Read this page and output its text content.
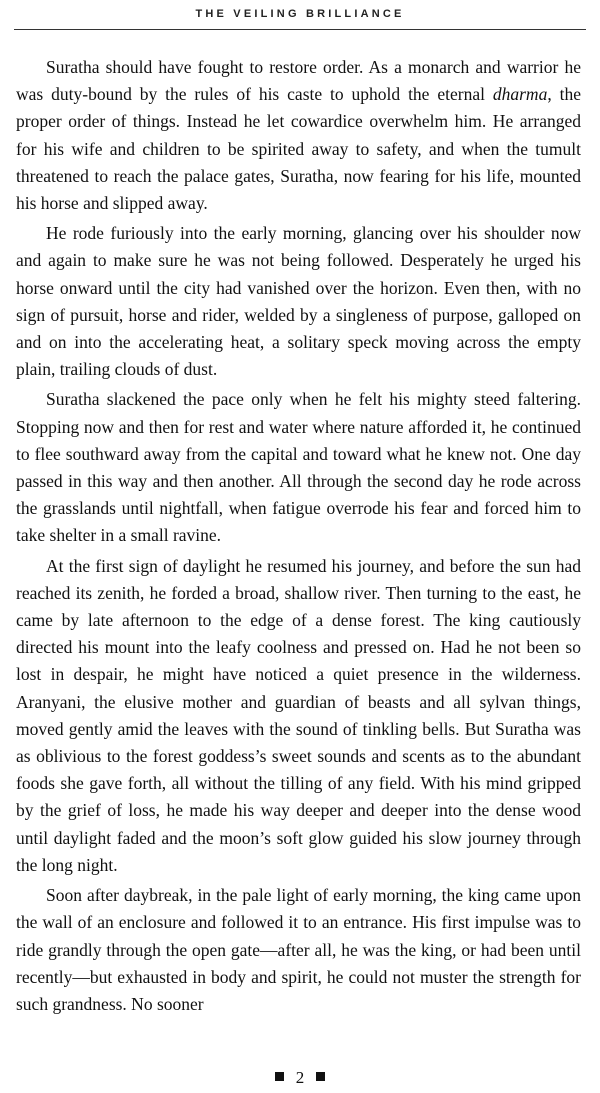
THE VEILING BRILLIANCE

Suratha should have fought to restore order. As a monarch and warrior he was duty-bound by the rules of his caste to uphold the eternal dharma, the proper order of things. Instead he let cowardice overwhelm him. He arranged for his wife and children to be spirited away to safety, and when the tumult threatened to reach the palace gates, Suratha, now fearing for his life, mounted his horse and slipped away.

He rode furiously into the early morning, glancing over his shoulder now and again to make sure he was not being followed. Desperately he urged his horse onward until the city had vanished over the horizon. Even then, with no sign of pursuit, horse and rider, welded by a singleness of purpose, galloped on and on into the accelerating heat, a solitary speck moving across the empty plain, trailing clouds of dust.

Suratha slackened the pace only when he felt his mighty steed faltering. Stopping now and then for rest and water where nature afforded it, he continued to flee southward away from the capital and toward what he knew not. One day passed in this way and then another. All through the second day he rode across the grasslands until nightfall, when fatigue overrode his fear and forced him to take shelter in a small ravine.

At the first sign of daylight he resumed his journey, and before the sun had reached its zenith, he forded a broad, shallow river. Then turning to the east, he came by late afternoon to the edge of a dense forest. The king cautiously directed his mount into the leafy coolness and pressed on. Had he not been so lost in despair, he might have noticed a quiet presence in the wilderness. Aranyani, the elusive mother and guardian of beasts and all sylvan things, moved gently amid the leaves with the sound of tinkling bells. But Suratha was as oblivious to the forest goddess’s sweet sounds and scents as to the abundant foods she gave forth, all without the tilling of any field. With his mind gripped by the grief of loss, he made his way deeper and deeper into the dense wood until daylight faded and the moon’s soft glow guided his slow journey through the long night.

Soon after daybreak, in the pale light of early morning, the king came upon the wall of an enclosure and followed it to an entrance. His first impulse was to ride grandly through the open gate—after all, he was the king, or had been until recently—but exhausted in body and spirit, he could not muster the strength for such grandness. No sooner

2
